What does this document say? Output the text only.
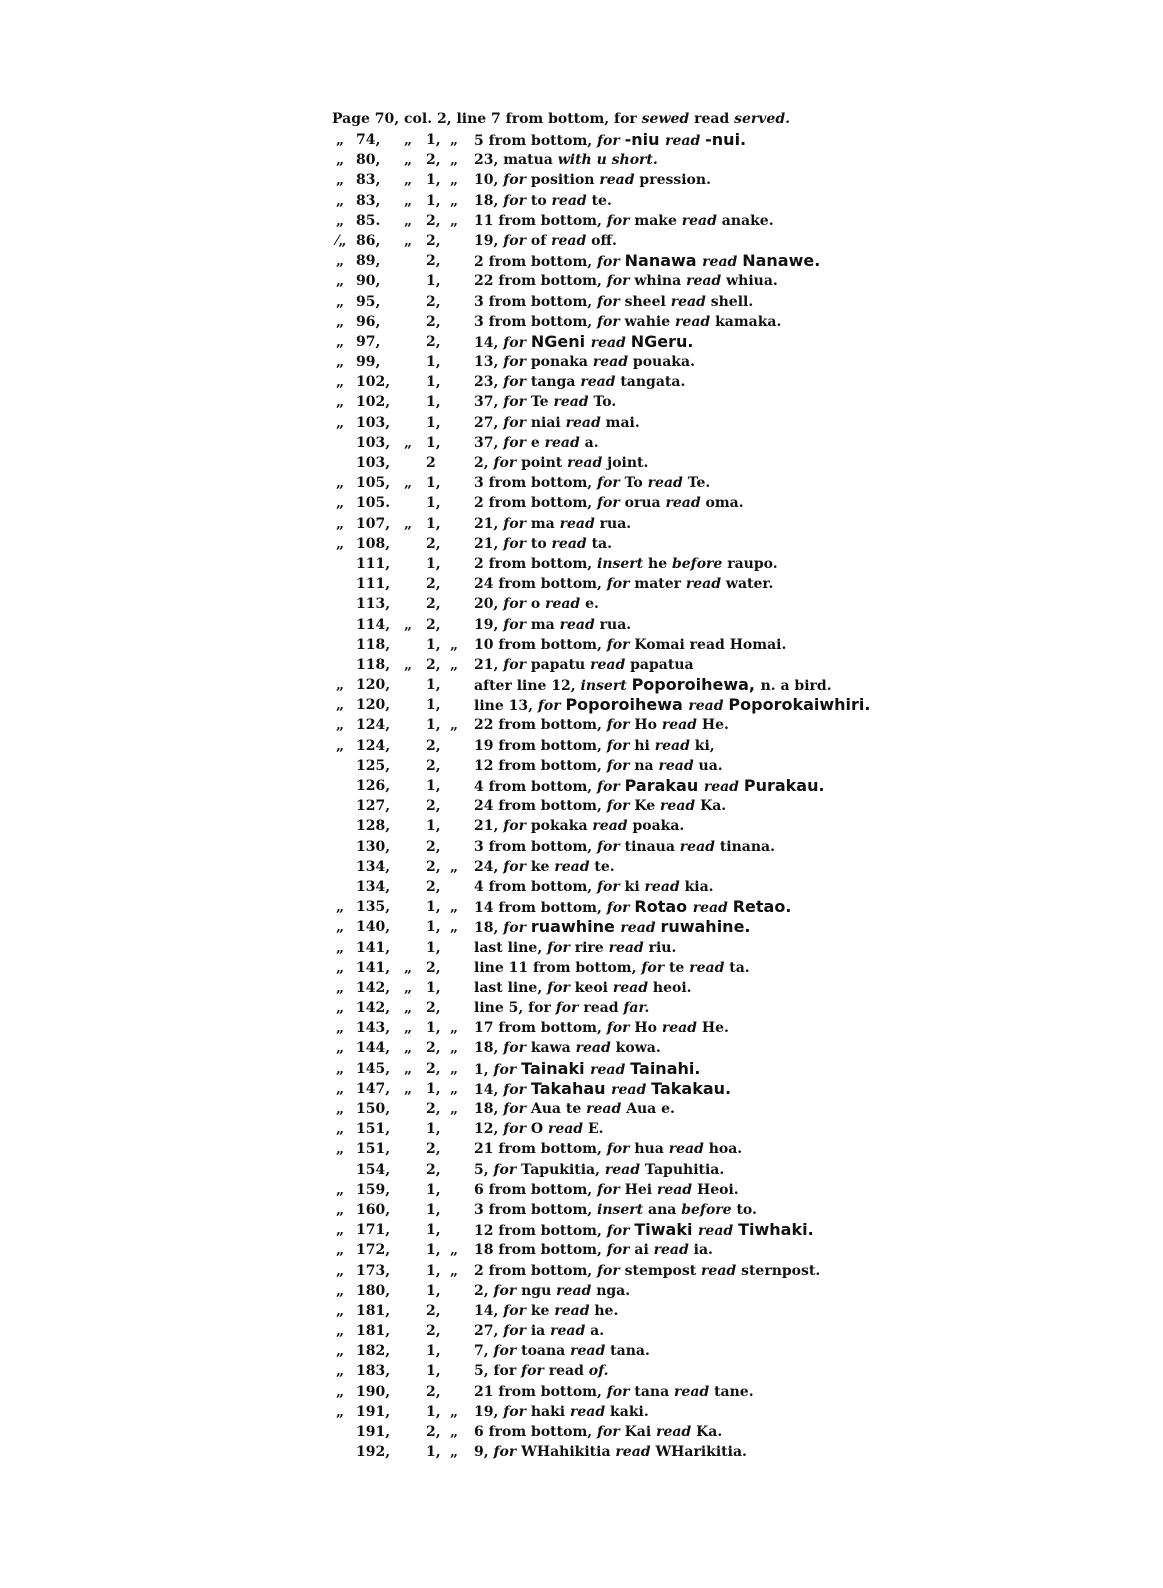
Page 70, col. 2, line 7 from bottom, for sewed read served.
„ 74,	„ 1, „ 5 from bottom, for -niu read -nui.
„ 80,	„ 2, „ 23, matua with u short.
„ 83,	„ 1, „ 10, for position read pression.
„ 83,	„ 1, „ 18, for to read te.
„ 85.	„ 2, „ 11 from bottom, for make read anake.
⁄„ 86,	„ 2, 19, for of read off.
„ 89,	2, 2 from bottom, for Nanawa read Nanawe.
„ 90,	1, 22 from bottom, for whina read whiua.
„ 95,	2, 3 from bottom, for sheel read shell.
„ 96,	2, 3 from bottom, for wahie read kamaka.
„ 97,	2, 14, for NGeni read NGeru.
„ 99,	1, 13, for ponaka read pouaka.
„ 102,	1, 23, for tanga read tangata.
„ 102,	1, 37, for Te read To.
„ 103,	1, 27, for niai read mai.
103, „ 1, 37, for e read a.
103,	2	2, for point read joint.
„ 105, „ 1, 3 from bottom, for To read Te.
„ 105.	1, 2 from bottom, for orua read oma.
„ 107, „ 1, 21, for ma read rua.
„ 108,	2, 21, for to read ta.
111,	1, 2 from bottom, insert he before raupo.
111,	2, 24 from bottom, for mater read water.
113,	2, 20, for o read e.
114, „ 2, 19, for ma read rua.
118,	1, „ 10 from bottom, for Komai read Homai.
118, „ 2, „ 21, for papatu read papatua
„ 120,	1, after line 12, insert Poporoihewa, n. a bird.
„ 120,	1, line 13, for Poporoihewa read Poporokaiwhiri.
„ 124,	1, „ 22 from bottom, for Ho read He.
„ 124,	2, 19 from bottom, for hi read ki,
125,	2, 12 from bottom, for na read ua.
126,	1, 4 from bottom, for Parakau read Purakau.
127,	2, 24 from bottom, for Ke read Ka.
128,	1, 21, for pokaka read poaka.
130,	2, 3 from bottom, for tinaua read tinana.
134,	2, „ 24, for ke read te.
134,	2, 4 from bottom, for ki read kia.
„ 135,	1, „ 14 from bottom, for Rotao read Retao.
„ 140,	1, „ 18, for ruawhine read ruwahine.
„ 141,	1, last line, for rire read riu.
„ 141, „ 2, line 11 from bottom, for te read ta.
„ 142, „ 1, last line, for keoi read heoi.
„ 142, „ 2, line 5, for for read far.
„ 143, „ 1, „ 17 from bottom, for Ho read He.
„ 144, „ 2, „ 18, for kawa read kowa.
„ 145, „ 2, „ 1, for Tainaki read Tainahi.
„ 147, „ 1, „ 14, for Takahau read Takakau.
„ 150,	2, „ 18, for Aua te read Aua e.
„ 151,	1, 12, for O read E.
„ 151,	2, 21 from bottom, for hua read hoa.
154,	2, 5, for Tapukitia, read Tapuhitia.
„ 159,	1, 6 from bottom, for Hei read Heoi.
„ 160,	1, 3 from bottom, insert ana before to.
„ 171,	1, 12 from bottom, for Tiwaki read Tiwhaki.
„ 172,	1, „ 18 from bottom, for ai read ia.
„ 173,	1, „ 2 from bottom, for stempost read sternpost.
„ 180,	1, 2, for ngu read nga.
„ 181,	2, 14, for ke read he.
„ 181,	2, 27, for ia read a.
„ 182,	1, 7, for toana read tana.
„ 183,	1, 5, for for read of.
„ 190,	2, 21 from bottom, for tana read tane.
„ 191,	1, „ 19, for haki read kaki.
191,	2, „ 6 from bottom, for Kai read Ka.
192,	1, „ 9, for WHahikitia read WHarikitia.
